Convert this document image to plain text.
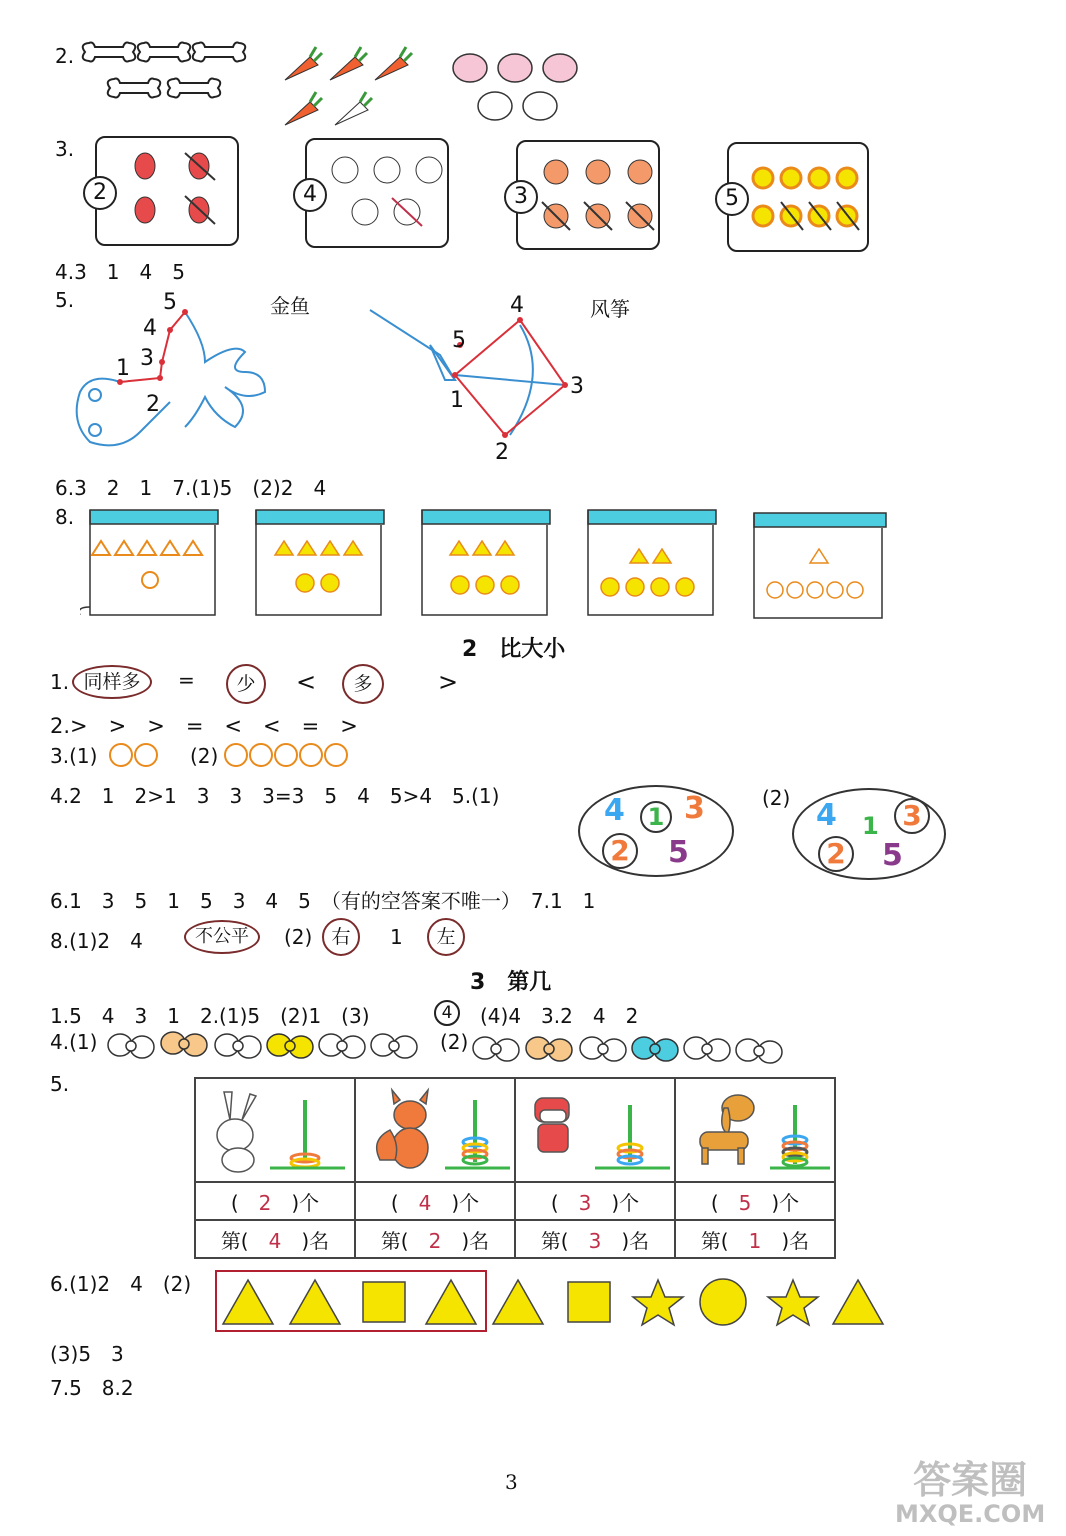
2.
3.
2	4	3	5
4.3　1　4　5
5.	金鱼	风筝
1
2
3
4
5
1
2
3
4
5
6.3　2　1　7.(1)5　(2)2　4
8.
2　比大小
1. 同样多	=	少	<	多	>
2.>　>　>　=　<　<　=　>
3.(1)	(2)
4.2　1　2>1　3　3　3=3　5　4　5>4　5.(1)	4 1 3
2 5
(2) 4 1 3
2 5
6.1　3　5　1　5　3　4　5　（有的空答案不唯一）　7.1　1
8.(1)2　4	不公平	(2)	右	1	左
3　第几
1.5　4　3　1　2.(1)5　(2)1　(3)	4	(4)4　3.2　4　2
4.(1)	(2)
5.

(　 2　 )个	(　 4　 )个	(　 3　 )个	(　 5　 )个
第(　 4　 )名	第(　 2　 )名	第(　 3　 )名	第(　 1　 )名
6.(1)2　4　(2)
(3)5　3
7.5　8.2
3	答案圈
MXQE.COM
